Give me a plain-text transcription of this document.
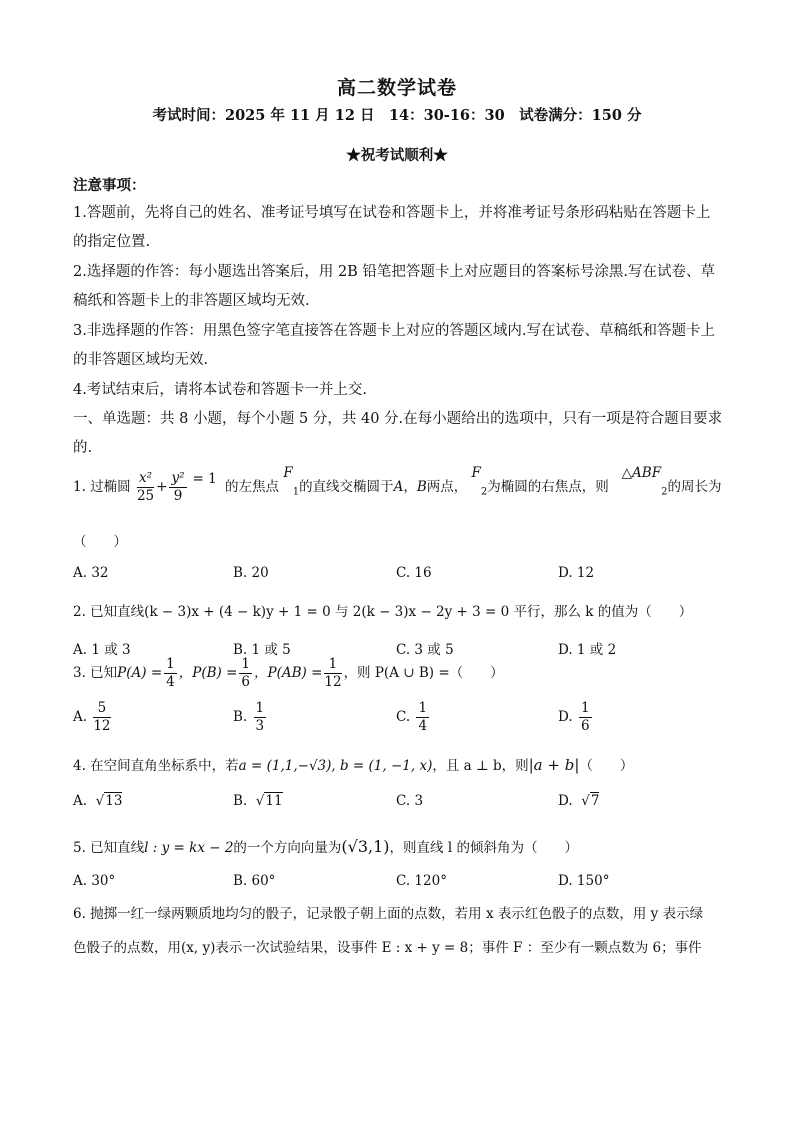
高二数学试卷
考试时间：2025 年 11 月 12 日　14：30-16：30　试卷满分：150 分
★祝考试顺利★
注意事项：
1.答题前，先将自己的姓名、准考证号填写在试卷和答题卡上，并将准考证号条形码粘贴在答题卡上的指定位置.
2.选择题的作答：每小题选出答案后，用 2B 铅笔把答题卡上对应题目的答案标号涂黑.写在试卷、草稿纸和答题卡上的非答题区域均无效.
3.非选择题的作答：用黑色签字笔直接答在答题卡上对应的答题区域内.写在试卷、草稿纸和答题卡上的非答题区域均无效.
4.考试结束后，请将本试卷和答题卡一并上交.
一、单选题：共 8 小题，每个小题 5 分，共 40 分.在每小题给出的选项中，只有一项是符合题目要求的.
1. 过椭圆 $\frac{\text{x²}}{25} + \frac{\text{y²}}{9} = 1$

的左焦点 $F_1$的直线交椭圆于A，B两点， $F_2$为椭圆的右焦点，则   $\triangle ABF_2$的周长为
（　　）
A. 32	B. 20	C. 16	D. 12
2. 已知直线(k − 3)x + (4 − k)y + 1 = 0 与 2(k − 3)x − 2y + 3 = 0 平行，那么 k 的值为（　　）
A. 1 或 3	B. 1 或 5	C. 3 或 5	D. 1 或 2
3. 已知$P(A) = \frac{1}{4}$ ，$P(B) = \frac{1}{6}$ ，$P(AB) = \frac{1}{12}$ ，则 P(A ∪ B) =（　　）
A. $\frac{5}{12}$	B. $\frac{1}{3}$	C. $\frac{1}{4}$	D. $\frac{1}{6}$
4. 在空间直角坐标系中，若a = (1,1,−√3), b = (1, −1, x)，且 a ⊥ b，则|a + b|（　　）
A.  √13	B.  √11	C. 3	D.  √7
5. 已知直线l : y = kx − 2的一个方向向量为(√3,1)，则直线 l 的倾斜角为（　　）
A. 30°	B. 60°	C. 120°	D. 150°
6. 抛掷一红一绿两颗质地均匀的骰子，记录骰子朝上面的点数，若用 x 表示红色骰子的点数，用 y 表示绿
色骰子的点数，用(x, y)表示一次试验结果，设事件 E : x + y = 8；事件 F ：至少有一颗点数为 6；事件
